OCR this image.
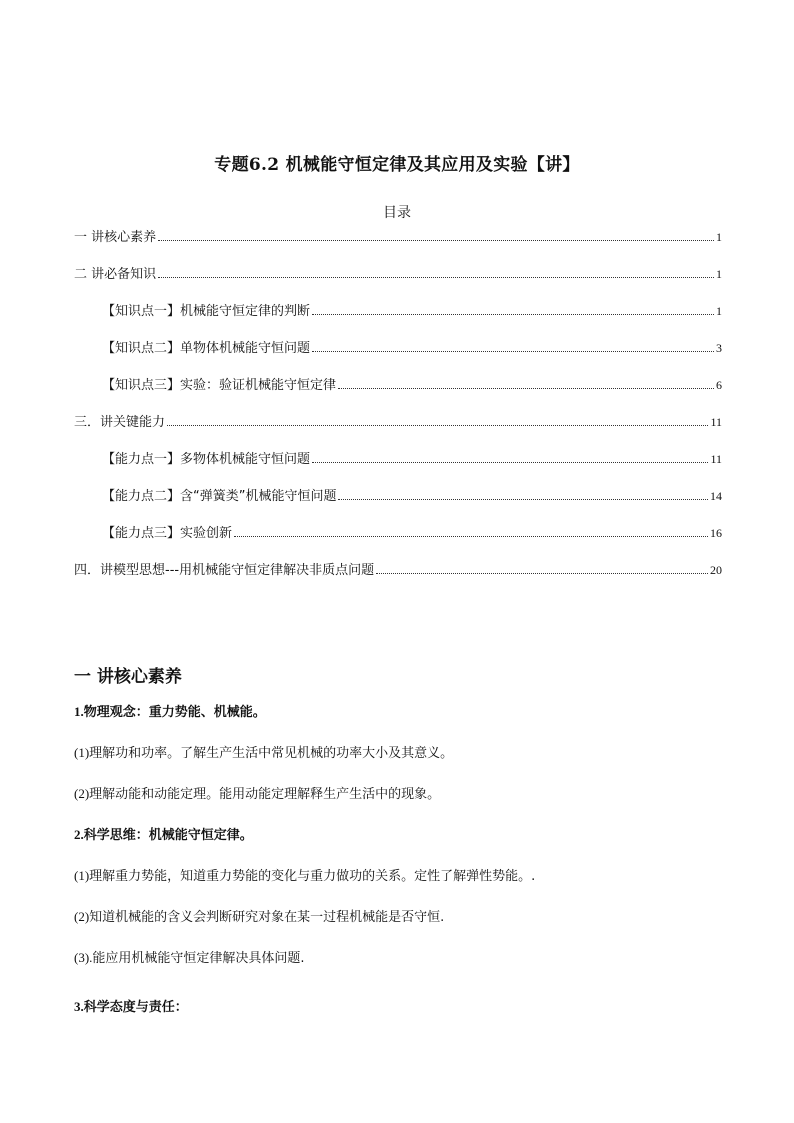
专题6.2 机械能守恒定律及其应用及实验【讲】
目录
一 讲核心素养	1
二 讲必备知识	1
【知识点一】机械能守恒定律的判断	1
【知识点二】单物体机械能守恒问题	3
【知识点三】实验：验证机械能守恒定律	6
三．讲关键能力	11
【能力点一】多物体机械能守恒问题	11
【能力点二】含“弹簧类”机械能守恒问题	14
【能力点三】实验创新	16
四．讲模型思想---用机械能守恒定律解决非质点问题	20
一 讲核心素养
1.物理观念：重力势能、机械能。
(1)理解功和功率。了解生产生活中常见机械的功率大小及其意义。
(2)理解动能和动能定理。能用动能定理解释生产生活中的现象。
2.科学思维：机械能守恒定律。
(1)理解重力势能，知道重力势能的变化与重力做功的关系。定性了解弹性势能。.
(2)知道机械能的含义会判断研究对象在某一过程机械能是否守恒.
(3).能应用机械能守恒定律解决具体问题.
3.科学态度与责任：
